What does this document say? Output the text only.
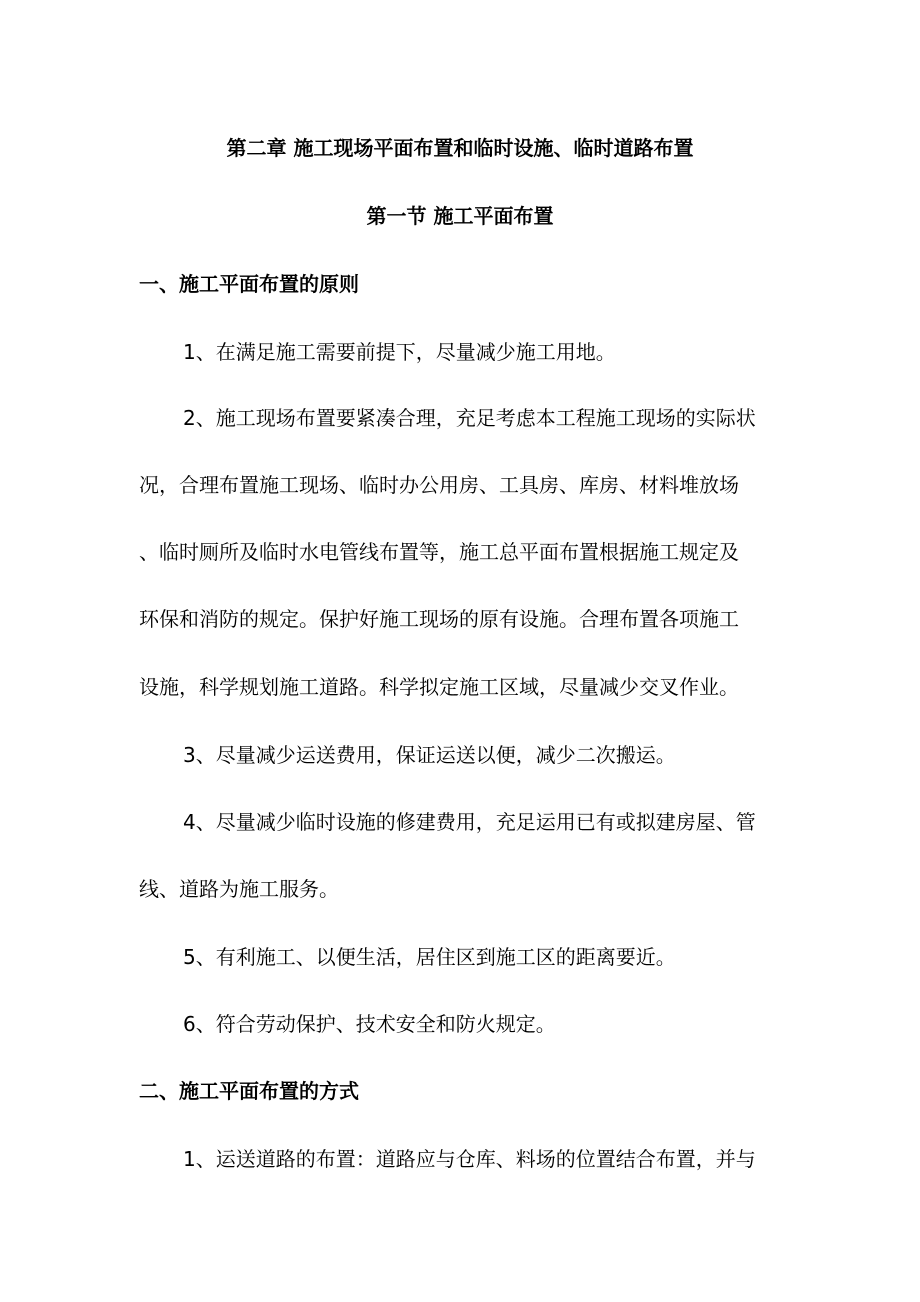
第二章 施工现场平面布置和临时设施、临时道路布置
第一节 施工平面布置
一、施工平面布置的原则
1、在满足施工需要前提下，尽量减少施工用地。
2、施工现场布置要紧凑合理，充足考虑本工程施工现场的实际状
况，合理布置施工现场、临时办公用房、工具房、库房、材料堆放场
、临时厕所及临时水电管线布置等，施工总平面布置根据施工规定及
环保和消防的规定。保护好施工现场的原有设施。合理布置各项施工
设施，科学规划施工道路。科学拟定施工区域，尽量减少交叉作业。
3、尽量减少运送费用，保证运送以便，减少二次搬运。
4、尽量减少临时设施的修建费用，充足运用已有或拟建房屋、管
线、道路为施工服务。
5、有利施工、以便生活，居住区到施工区的距离要近。
6、符合劳动保护、技术安全和防火规定。
二、施工平面布置的方式
1、运送道路的布置：道路应与仓库、料场的位置结合布置，并与
